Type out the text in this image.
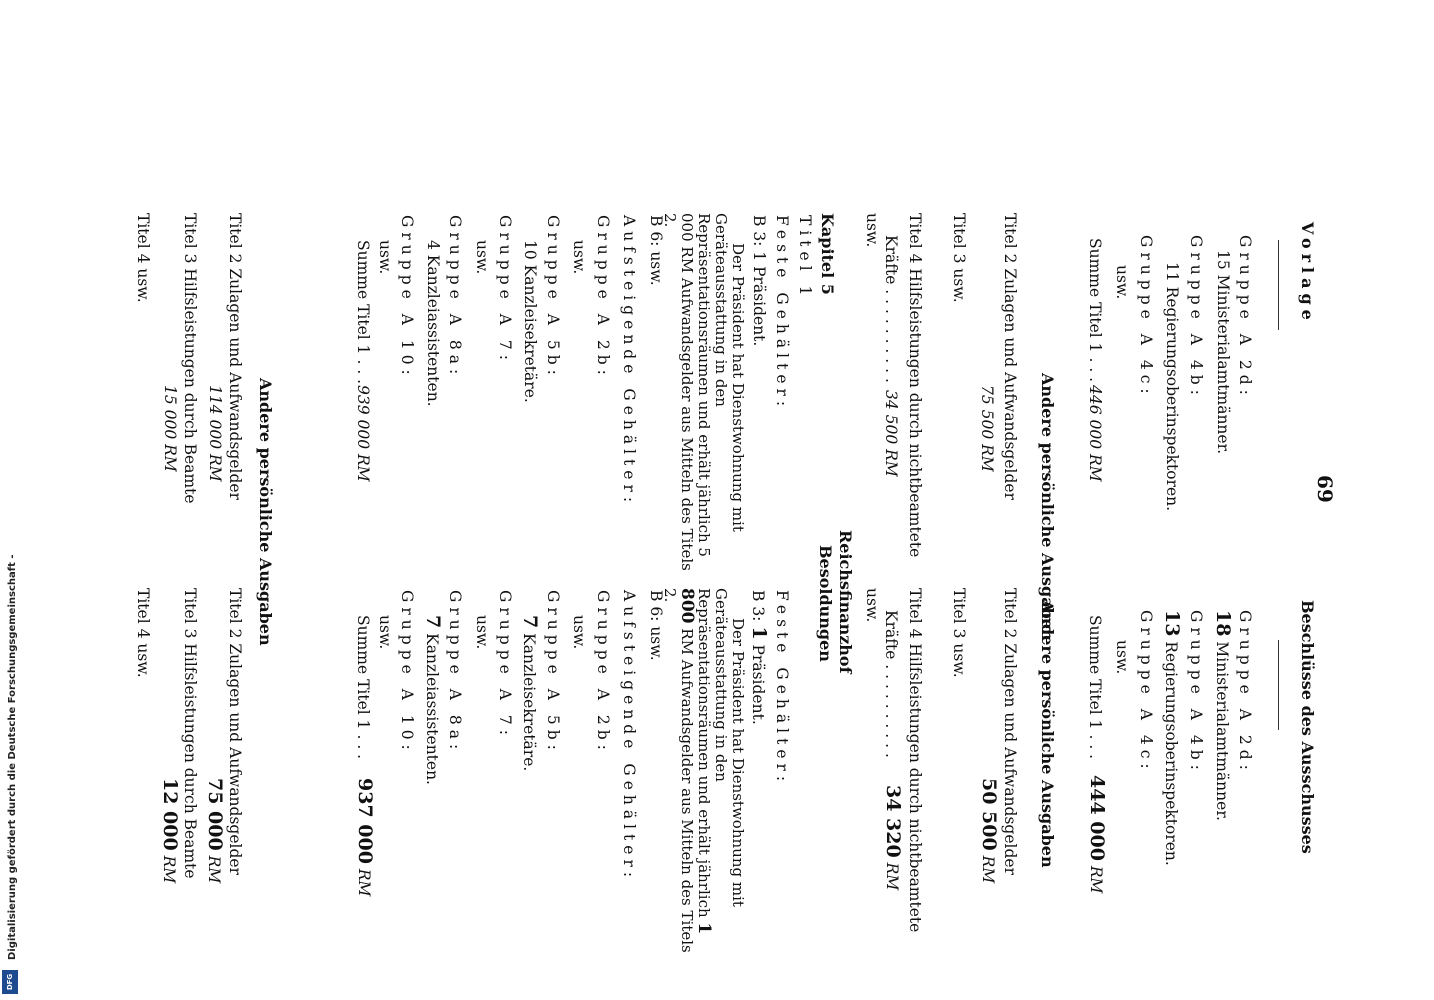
69
Vorlage
Gruppe A 2d:
15 Ministerialamtmänner.
Gruppe A 4b:
11 Regierungsoberinspektoren.
Gruppe A 4c:
usw.
Summe Titel 1 . . .
446 000 RM
Andere persönliche Ausgaben
Titel 2 Zulagen und Aufwandsgelder
75 500 RM
Titel 3 usw.
Titel 4 Hilfsleistungen durch nichtbeamtete
Kräfte . . . . . . . . . .
34 500 RM
usw.
Kapitel 5
Titel 1
Feste Gehälter:
B 3: 1 Präsident.
Der Präsident hat Dienstwohnung mit Geräteausstattung in den Repräsentationsräumen und erhält jährlich 5 000 RM Aufwandsgelder aus Mitteln des Titels 2.
B 6: usw.
Aufsteigende Gehälter:
Gruppe A 2b:
usw.
Gruppe A 5b:
10 Kanzleisekretäre.
Gruppe A 7:
usw.
Gruppe A 8a:
4 Kanzleiassistenten.
Gruppe A 10:
usw.
Summe Titel 1 . . .
939 000 RM
Andere persönliche Ausgaben
Titel 2 Zulagen und Aufwandsgelder
114 000 RM
Titel 3 Hilfsleistungen durch Beamte
15 000 RM
Titel 4 usw.
Beschlüsse des Ausschusses
Gruppe A 2d:
18 Ministerialamtmänner.
Gruppe A 4b:
13 Regierungsoberinspektoren.
Gruppe A 4c:
usw.
Summe Titel 1 . . .
444 000 RM
Andere persönliche Ausgaben
Titel 2 Zulagen und Aufwandsgelder
50 500 RM
Titel 3 usw.
Titel 4 Hilfsleistungen durch nichtbeamtete
Kräfte . . . . . . . . . .
34 320 RM
usw.
Reichsfinanzhof
Besoldungen
Feste Gehälter:
B 3: 1 Präsident.
Der Präsident hat Dienstwohnung mit Geräteausstattung in den Repräsentationsräumen und erhält jährlich 1 800 RM Aufwandsgelder aus Mitteln des Titels 2.
B 6: usw.
Aufsteigende Gehälter:
Gruppe A 2b:
usw.
Gruppe A 5b:
7 Kanzleisekretäre.
Gruppe A 7:
usw.
Gruppe A 8a:
7 Kanzleiassistenten.
Gruppe A 10:
usw.
Summe Titel 1 . . .
937 000 RM
Titel 2 Zulagen und Aufwandsgelder
75 000 RM
Titel 3 Hilfsleistungen durch Beamte
12 000 RM
Titel 4 usw.
Digitalisierung gefördert durch die Deutsche Forschungsgemeinschaft -
DFG
